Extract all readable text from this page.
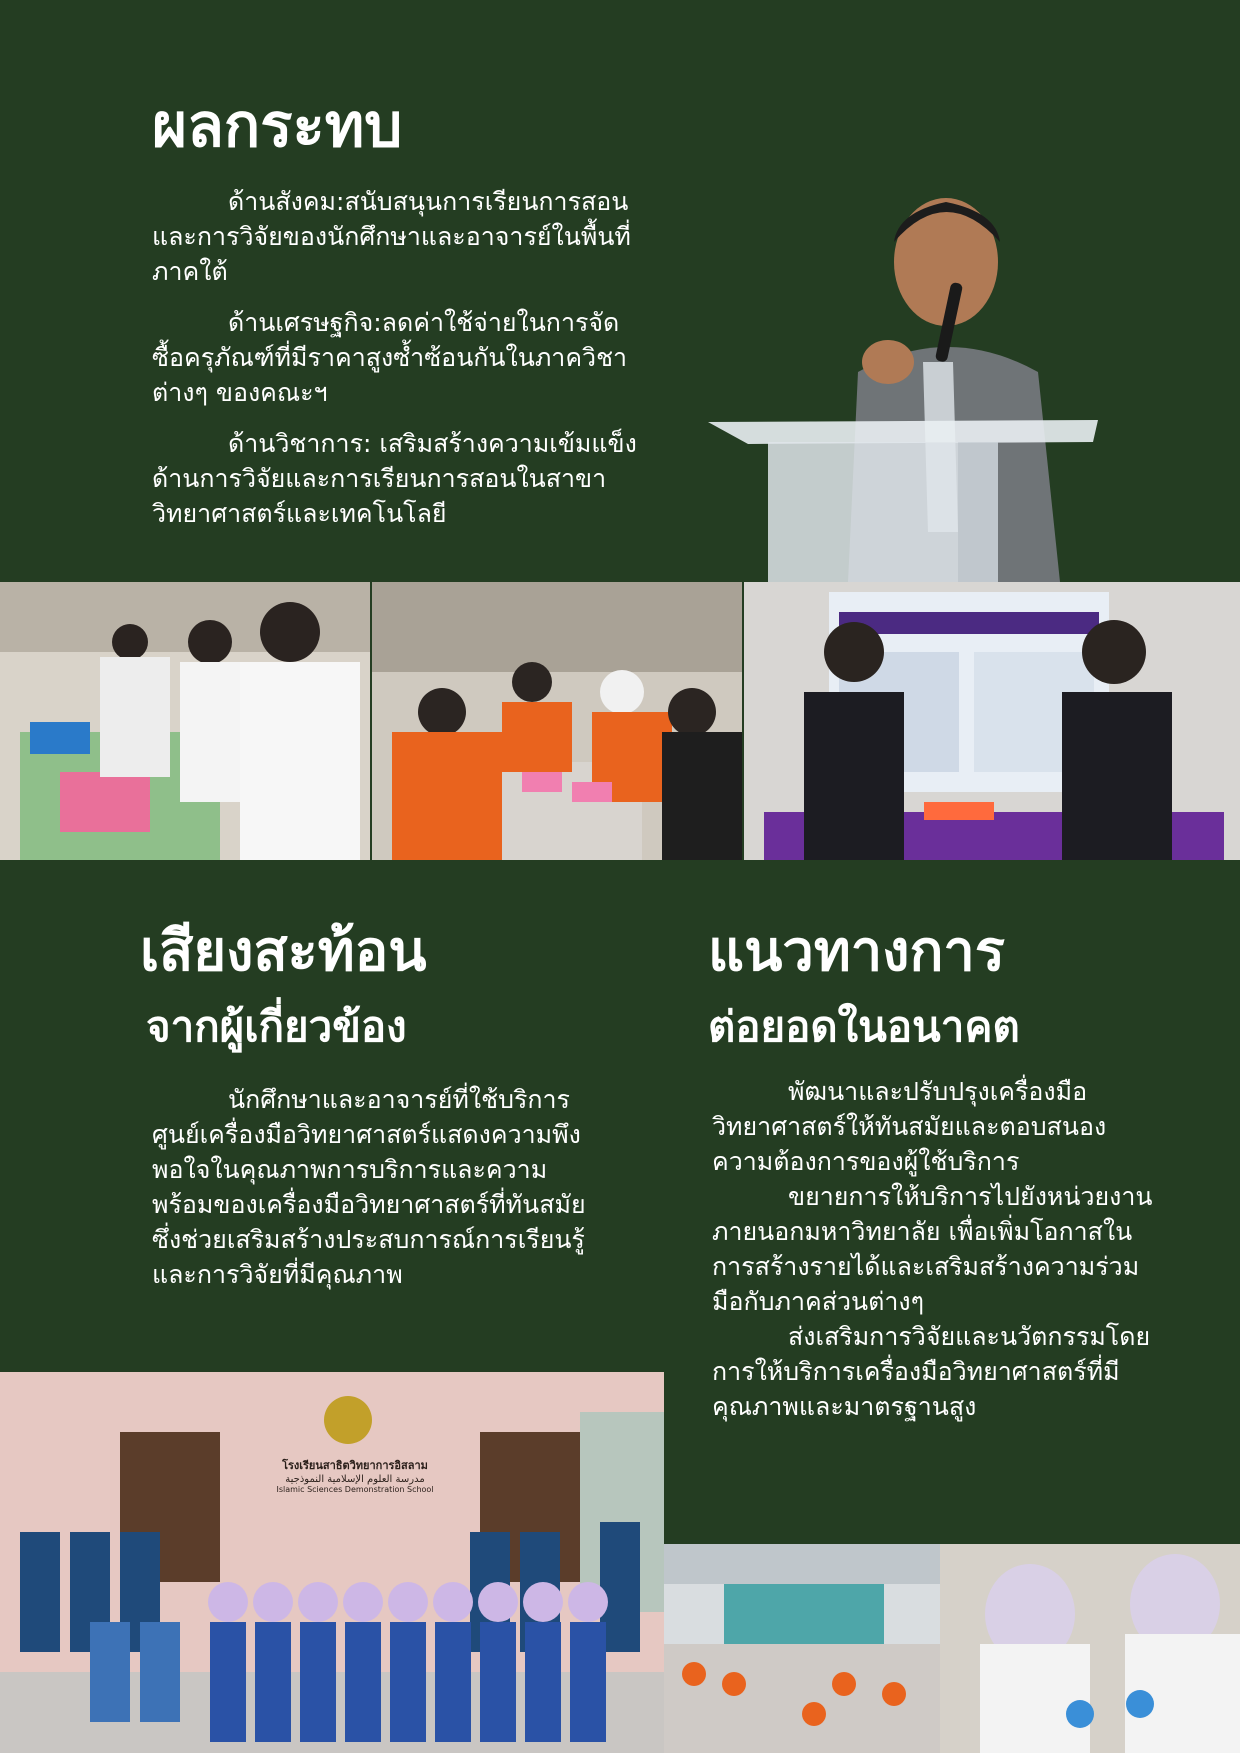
ผลกระทบ

ด้านสังคม:สนับสนุนการเรียนการสอนและการวิจัยของนักศึกษาและอาจารย์ในพื้นที่ภาคใต้

ด้านเศรษฐกิจ:ลดค่าใช้จ่ายในการจัดซื้อครุภัณฑ์ที่มีราคาสูงซ้ำซ้อนกันในภาควิชาต่างๆ ของคณะฯ

ด้านวิชาการ: เสริมสร้างความเข้มแข็งด้านการวิจัยและการเรียนการสอนในสาขาวิทยาศาสตร์และเทคโนโลยี

เสียงสะท้อน
จากผู้เกี่ยวข้อง

นักศึกษาและอาจารย์ที่ใช้บริการศูนย์เครื่องมือวิทยาศาสตร์แสดงความพึงพอใจในคุณภาพการบริการและความพร้อมของเครื่องมือวิทยาศาสตร์ที่ทันสมัย ซึ่งช่วยเสริมสร้างประสบการณ์การเรียนรู้และการวิจัยที่มีคุณภาพ

แนวทางการ
ต่อยอดในอนาคต

พัฒนาและปรับปรุงเครื่องมือวิทยาศาสตร์ให้ทันสมัยและตอบสนองความต้องการของผู้ใช้บริการ

ขยายการให้บริการไปยังหน่วยงานภายนอกมหาวิทยาลัย เพื่อเพิ่มโอกาสในการสร้างรายได้และเสริมสร้างความร่วมมือกับภาคส่วนต่างๆ

ส่งเสริมการวิจัยและนวัตกรรมโดยการให้บริการเครื่องมือวิทยาศาสตร์ที่มีคุณภาพและมาตรฐานสูง

โรงเรียนสาธิตวิทยาการอิสลาม
مدرسة العلوم الإسلامية النموذجية
Islamic Sciences Demonstration School
